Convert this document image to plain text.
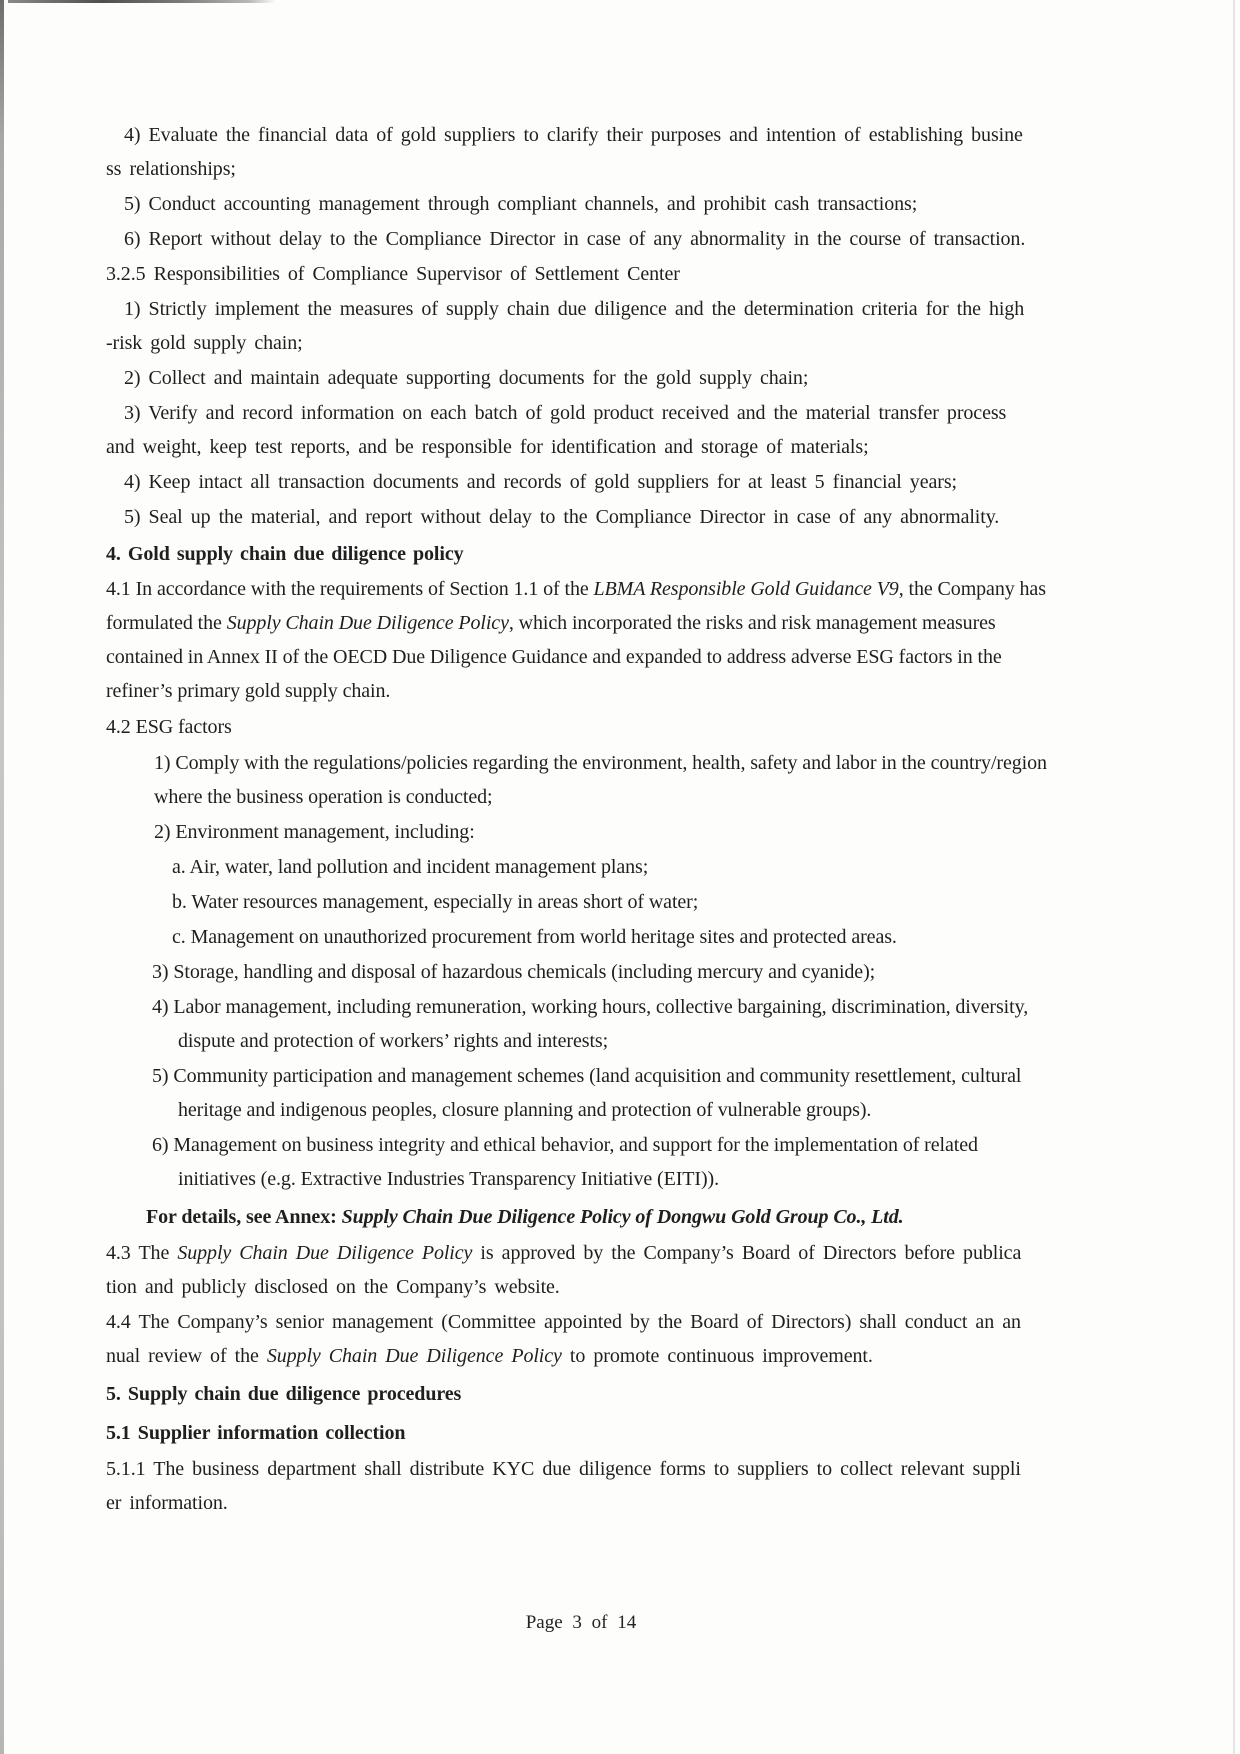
4) Evaluate the financial data of gold suppliers to clarify their purposes and intention of establishing busine
ss relationships;

5) Conduct accounting management through compliant channels, and prohibit cash transactions;

6) Report without delay to the Compliance Director in case of any abnormality in the course of transaction.

3.2.5 Responsibilities of Compliance Supervisor of Settlement Center

1) Strictly implement the measures of supply chain due diligence and the determination criteria for the high
-risk gold supply chain;

2) Collect and maintain adequate supporting documents for the gold supply chain;

3) Verify and record information on each batch of gold product received and the material transfer process
and weight, keep test reports, and be responsible for identification and storage of materials;

4) Keep intact all transaction documents and records of gold suppliers for at least 5 financial years;

5) Seal up the material, and report without delay to the Compliance Director in case of any abnormality.

4. Gold supply chain due diligence policy

4.1 In accordance with the requirements of Section 1.1 of the LBMA Responsible Gold Guidance V9, the Company has
formulated the Supply Chain Due Diligence Policy, which incorporated the risks and risk management measures
contained in Annex II of the OECD Due Diligence Guidance and expanded to address adverse ESG factors in the
refiner’s primary gold supply chain.

4.2 ESG factors

1) Comply with the regulations/policies regarding the environment, health, safety and labor in the country/region
where the business operation is conducted;

2) Environment management, including:

a. Air, water, land pollution and incident management plans;

b. Water resources management, especially in areas short of water;

c. Management on unauthorized procurement from world heritage sites and protected areas.

3) Storage, handling and disposal of hazardous chemicals (including mercury and cyanide);

4) Labor management, including remuneration, working hours, collective bargaining, discrimination, diversity,
dispute and protection of workers’ rights and interests;

5) Community participation and management schemes (land acquisition and community resettlement, cultural
heritage and indigenous peoples, closure planning and protection of vulnerable groups).

6) Management on business integrity and ethical behavior, and support for the implementation of related
initiatives (e.g. Extractive Industries Transparency Initiative (EITI)).

For details, see Annex: Supply Chain Due Diligence Policy of Dongwu Gold Group Co., Ltd.

4.3 The Supply Chain Due Diligence Policy is approved by the Company’s Board of Directors before publica
tion and publicly disclosed on the Company’s website.

4.4 The Company’s senior management (Committee appointed by the Board of Directors) shall conduct an an
nual review of the Supply Chain Due Diligence Policy to promote continuous improvement.

5. Supply chain due diligence procedures

5.1 Supplier information collection

5.1.1 The business department shall distribute KYC due diligence forms to suppliers to collect relevant suppli
er information.

Page 3 of 14
